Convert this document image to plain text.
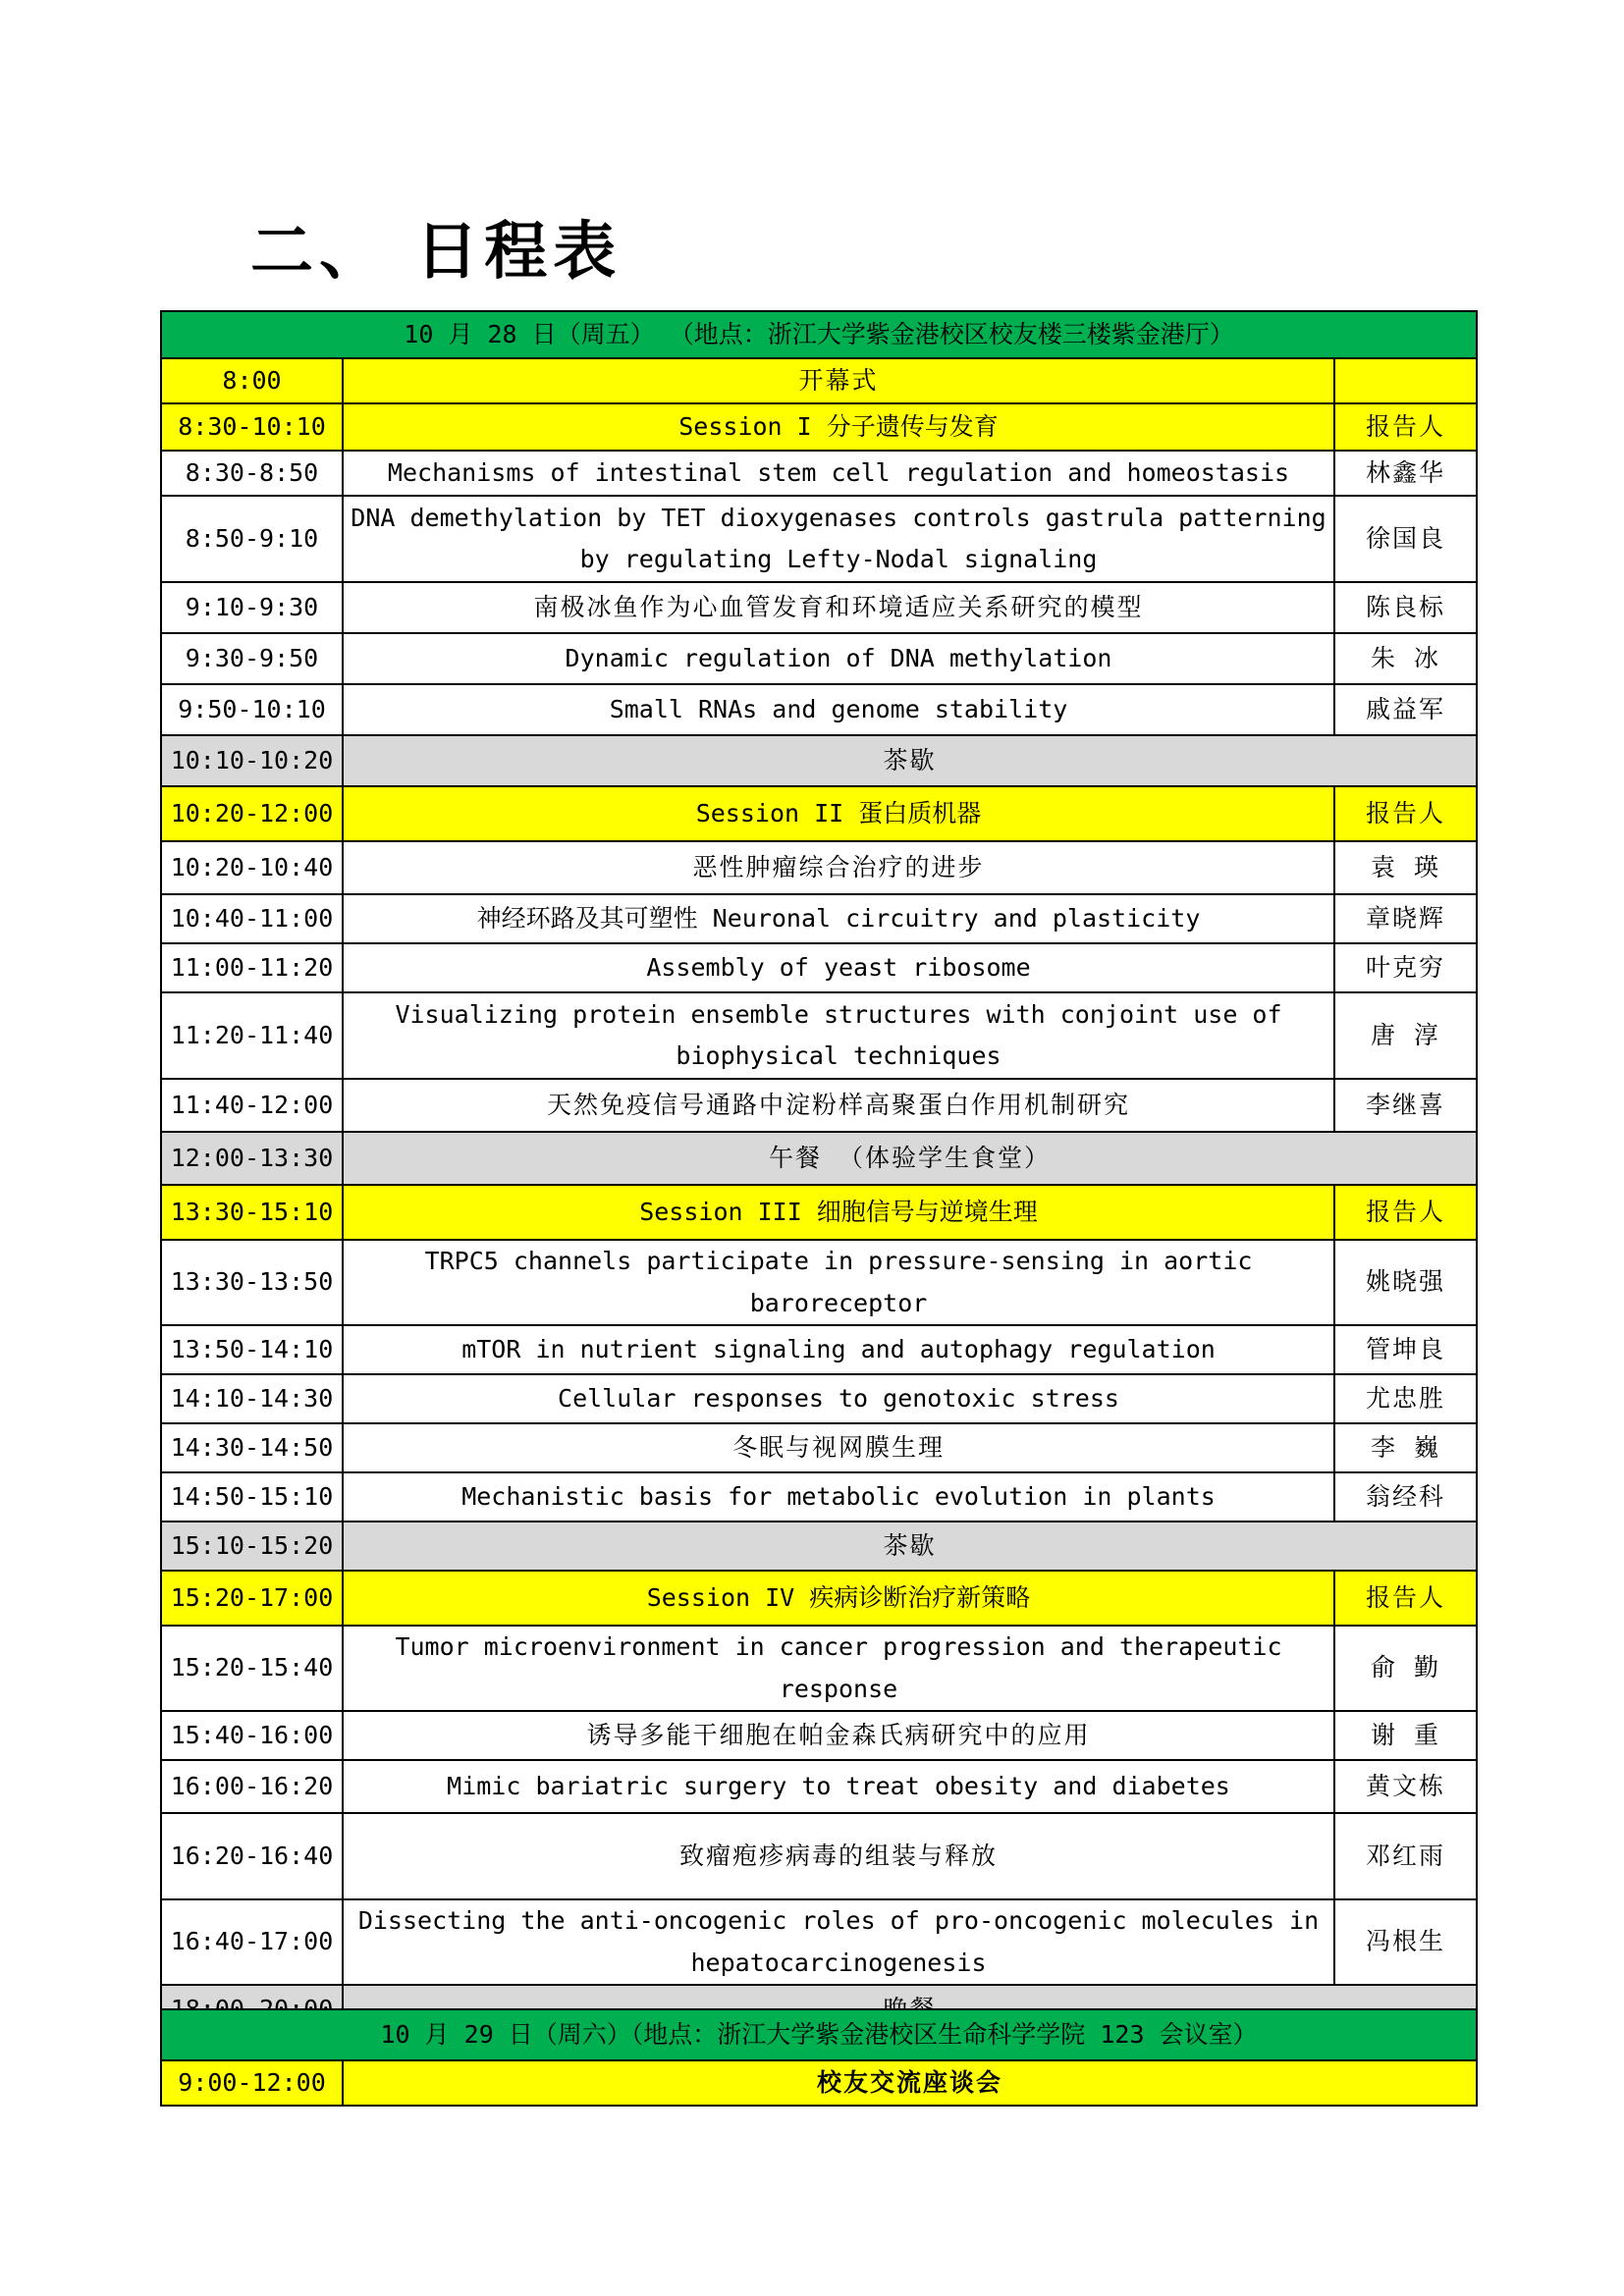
二、 日程表
10 月 28 日（周五） （地点：浙江大学紫金港校区校友楼三楼紫金港厅）		
8:00	开幕式	
8:30-10:10	Session I 分子遗传与发育	报告人
8:30-8:50	Mechanisms of intestinal stem cell regulation and homeostasis	林鑫华
8:50-9:10	DNA demethylation by TET dioxygenases controls gastrula patterning by regulating Lefty-Nodal signaling	徐国良
9:10-9:30	南极冰鱼作为心血管发育和环境适应关系研究的模型	陈良标
9:30-9:50	Dynamic regulation of DNA methylation	朱 冰
9:50-10:10	Small RNAs and genome stability	戚益军
10:10-10:20	茶歇	
10:20-12:00	Session II 蛋白质机器	报告人
10:20-10:40	恶性肿瘤综合治疗的进步	袁 瑛
10:40-11:00	神经环路及其可塑性 Neuronal circuitry and plasticity	章晓辉
11:00-11:20	Assembly of yeast ribosome	叶克穷
11:20-11:40	Visualizing protein ensemble structures with conjoint use of biophysical techniques	唐 淳
11:40-12:00	天然免疫信号通路中淀粉样高聚蛋白作用机制研究	李继喜
12:00-13:30	午餐 （体验学生食堂）	
13:30-15:10	Session III 细胞信号与逆境生理	报告人
13:30-13:50	TRPC5 channels participate in pressure-sensing in aortic baroreceptor	姚晓强
13:50-14:10	mTOR in nutrient signaling and autophagy regulation	管坤良
14:10-14:30	Cellular responses to genotoxic stress	尤忠胜
14:30-14:50	冬眠与视网膜生理	李 巍
14:50-15:10	Mechanistic basis for metabolic evolution in plants	翁经科
15:10-15:20	茶歇	
15:20-17:00	Session IV 疾病诊断治疗新策略	报告人
15:20-15:40	Tumor microenvironment in cancer progression and therapeutic response	俞 勤
15:40-16:00	诱导多能干细胞在帕金森氏病研究中的应用	谢 重
16:00-16:20	Mimic bariatric surgery to treat obesity and diabetes	黄文栋
16:20-16:40	致瘤疱疹病毒的组装与释放	邓红雨
16:40-17:00	Dissecting the anti-oncogenic roles of pro-oncogenic molecules in hepatocarcinogenesis	冯根生

10 月 29 日（周六）（地点：浙江大学紫金港校区生命科学学院 123 会议室）
9:00-12:00	校友交流座谈会
